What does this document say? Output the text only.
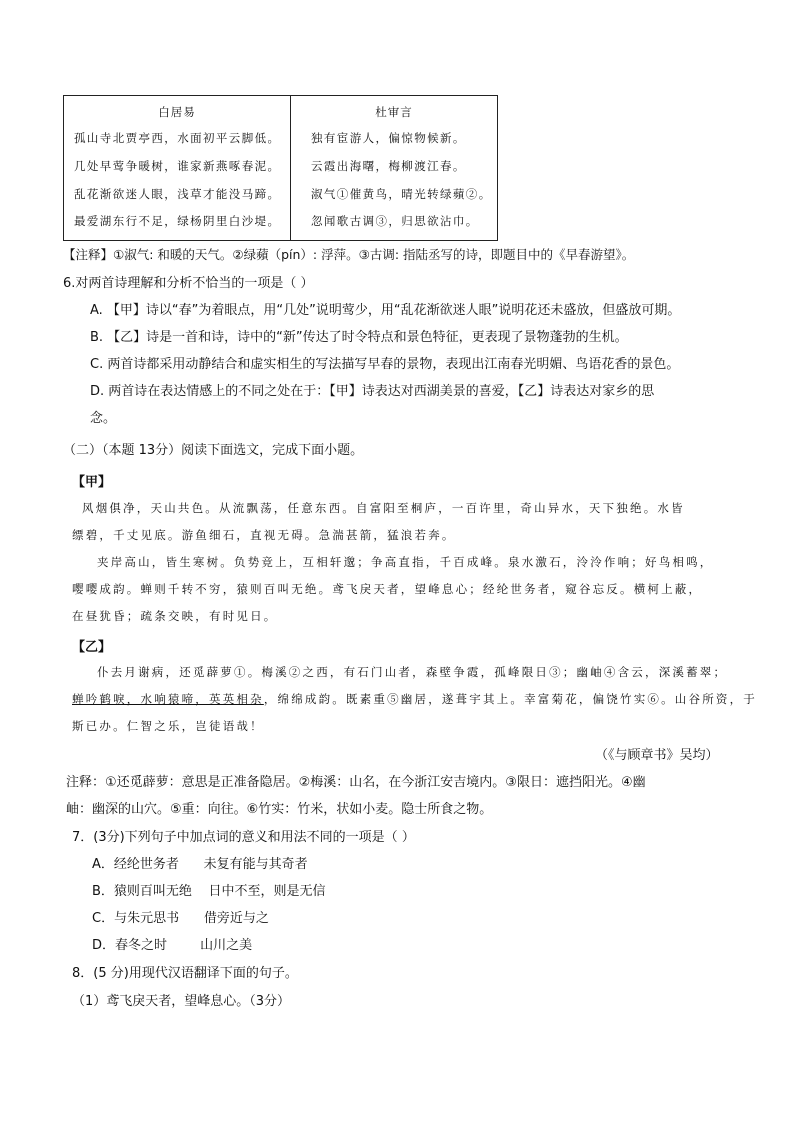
白居易
孤山寺北贾亭西，水面初平云脚低。
几处早莺争暖树，谁家新燕啄春泥。
乱花渐欲迷人眼，浅草才能没马蹄。
最爱湖东行不足，绿杨阴里白沙堤。
杜审言
独有宦游人，偏惊物候新。
云霞出海曙，梅柳渡江春。
淑气①催黄鸟，晴光转绿蘋②。
忽闻歌古调③，归思欲沾巾。
【注释】①淑气: 和暖的天气。②绿蘋（pín）: 浮萍。③古调: 指陆丞写的诗，即题目中的《早春游望》。
6.对两首诗理解和分析不恰当的一项是（ ）
A. 【甲】诗以“春”为着眼点，用“几处”说明莺少，用“乱花渐欲迷人眼”说明花还未盛放，但盛放可期。
B. 【乙】诗是一首和诗，诗中的“新”传达了时令特点和景色特征，更表现了景物蓬勃的生机。
C. 两首诗都采用动静结合和虚实相生的写法描写早春的景物，表现出江南春光明媚、鸟语花香的景色。
D. 两首诗在表达情感上的不同之处在于：【甲】诗表达对西湖美景的喜爱，【乙】诗表达对家乡的思
念。
（二）（本题 13分）阅读下面选文，完成下面小题。
【甲】
风烟俱净，天山共色。从流飘荡，任意东西。自富阳至桐庐，一百许里，奇山异水，天下独绝。水皆
缥碧，千丈见底。游鱼细石，直视无碍。急湍甚箭，猛浪若奔。
夹岸高山，皆生寒树。负势竞上，互相轩邈；争高直指，千百成峰。泉水激石，泠泠作响；好鸟相鸣，
嘤嘤成韵。蝉则千转不穷，猿则百叫无绝。鸢飞戾天者，望峰息心；经纶世务者，窥谷忘反。横柯上蔽，
在昼犹昏；疏条交映，有时见日。
【乙】
仆去月谢病，还觅薜萝①。梅溪②之西，有石门山者，森壁争霞，孤峰限日③；幽岫④含云，深溪蓄翠；
蝉吟鹤唳，水响猿啼，英英相杂，绵绵成韵。既素重⑤幽居，遂葺宇其上。幸富菊花，偏饶竹实⑥。山谷所资，于
斯已办。仁智之乐，岂徒语哉！
（《与顾章书》吴均）
注释：①还觅薜萝：意思是正准备隐居。②梅溪：山名，在今浙江安吉境内。③限日：遮挡阳光。④幽
岫：幽深的山穴。⑤重：向往。⑥竹实：竹米，状如小麦。隐士所食之物。
7．(3分)下列句子中加点词的意义和用法不同的一项是（ ）
A．经纶世务者      未复有能与其奇者
B．猿则百叫无绝    日中不至，则是无信
C．与朱元思书      借旁近与之
D．春冬之时        山川之美
8．(5 分)用现代汉语翻译下面的句子。
（1）鸢飞戾天者，望峰息心。（3分）
